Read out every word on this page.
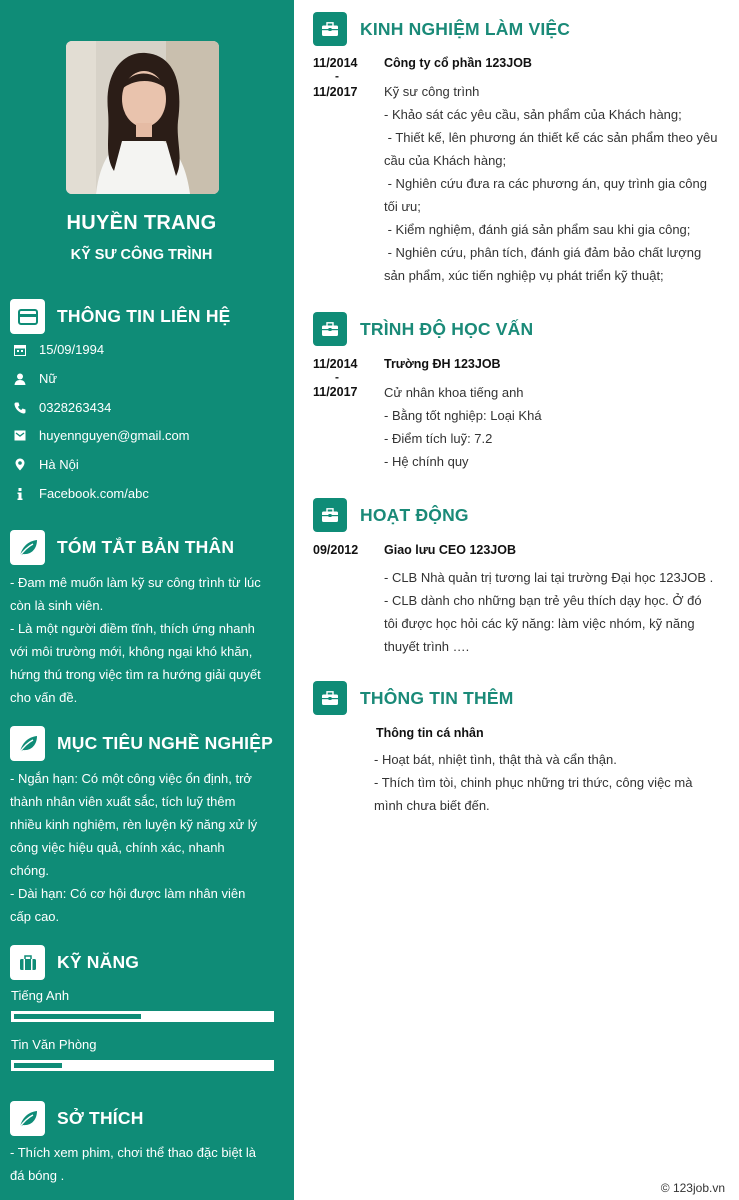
HUYỀN TRANG
KỸ SƯ CÔNG TRÌNH
THÔNG TIN LIÊN HỆ
15/09/1994
Nữ
0328263434
huyennguyen@gmail.com
Hà Nội
Facebook.com/abc
TÓM TẮT BẢN THÂN
- Đam mê muốn làm kỹ sư công trình từ lúc
còn là sinh viên.
- Là một người điềm tĩnh, thích ứng nhanh
với môi trường mới, không ngại khó khăn,
hứng thú trong việc tìm ra hướng giải quyết
cho vấn đề.
MỤC TIÊU NGHỀ NGHIỆP
- Ngắn hạn: Có một công việc ổn định, trở
thành nhân viên xuất sắc, tích luỹ thêm
nhiều kinh nghiệm, rèn luyện kỹ năng xử lý
công việc hiệu quả, chính xác, nhanh
chóng.
- Dài hạn: Có cơ hội được làm nhân viên
cấp cao.
KỸ NĂNG
Tiếng Anh
Tin Văn Phòng
SỞ THÍCH
- Thích xem phim, chơi thể thao đặc biệt là
đá bóng .
KINH NGHIỆM LÀM VIỆC
11/2014
-
11/2017
Công ty cổ phần 123JOB
Kỹ sư công trình
- Khảo sát các yêu cầu, sản phẩm của Khách hàng;
- Thiết kế, lên phương án thiết kế các sản phẩm theo yêu
cầu của Khách hàng;
- Nghiên cứu đưa ra các phương án, quy trình gia công
tối ưu;
- Kiểm nghiệm, đánh giá sản phẩm sau khi gia công;
- Nghiên cứu, phân tích, đánh giá đảm bảo chất lượng
sản phẩm, xúc tiến nghiệp vụ phát triển kỹ thuật;
TRÌNH ĐỘ HỌC VẤN
11/2014
-
11/2017
Trường ĐH 123JOB
Cử nhân khoa tiếng anh
- Bằng tốt nghiệp: Loại Khá
- Điểm tích luỹ: 7.2
- Hệ chính quy
HOẠT ĐỘNG
09/2012 Giao lưu CEO 123JOB
- CLB Nhà quản trị tương lai tại trường Đại học 123JOB .
- CLB dành cho những bạn trẻ yêu thích dạy học. Ở đó
tôi được học hỏi các kỹ năng: làm việc nhóm, kỹ năng
thuyết trình ….
THÔNG TIN THÊM
Thông tin cá nhân
- Hoạt bát, nhiệt tình, thật thà và cẩn thận.
- Thích tìm tòi, chinh phục những tri thức, công việc mà
mình chưa biết đến.
© 123job.vn
